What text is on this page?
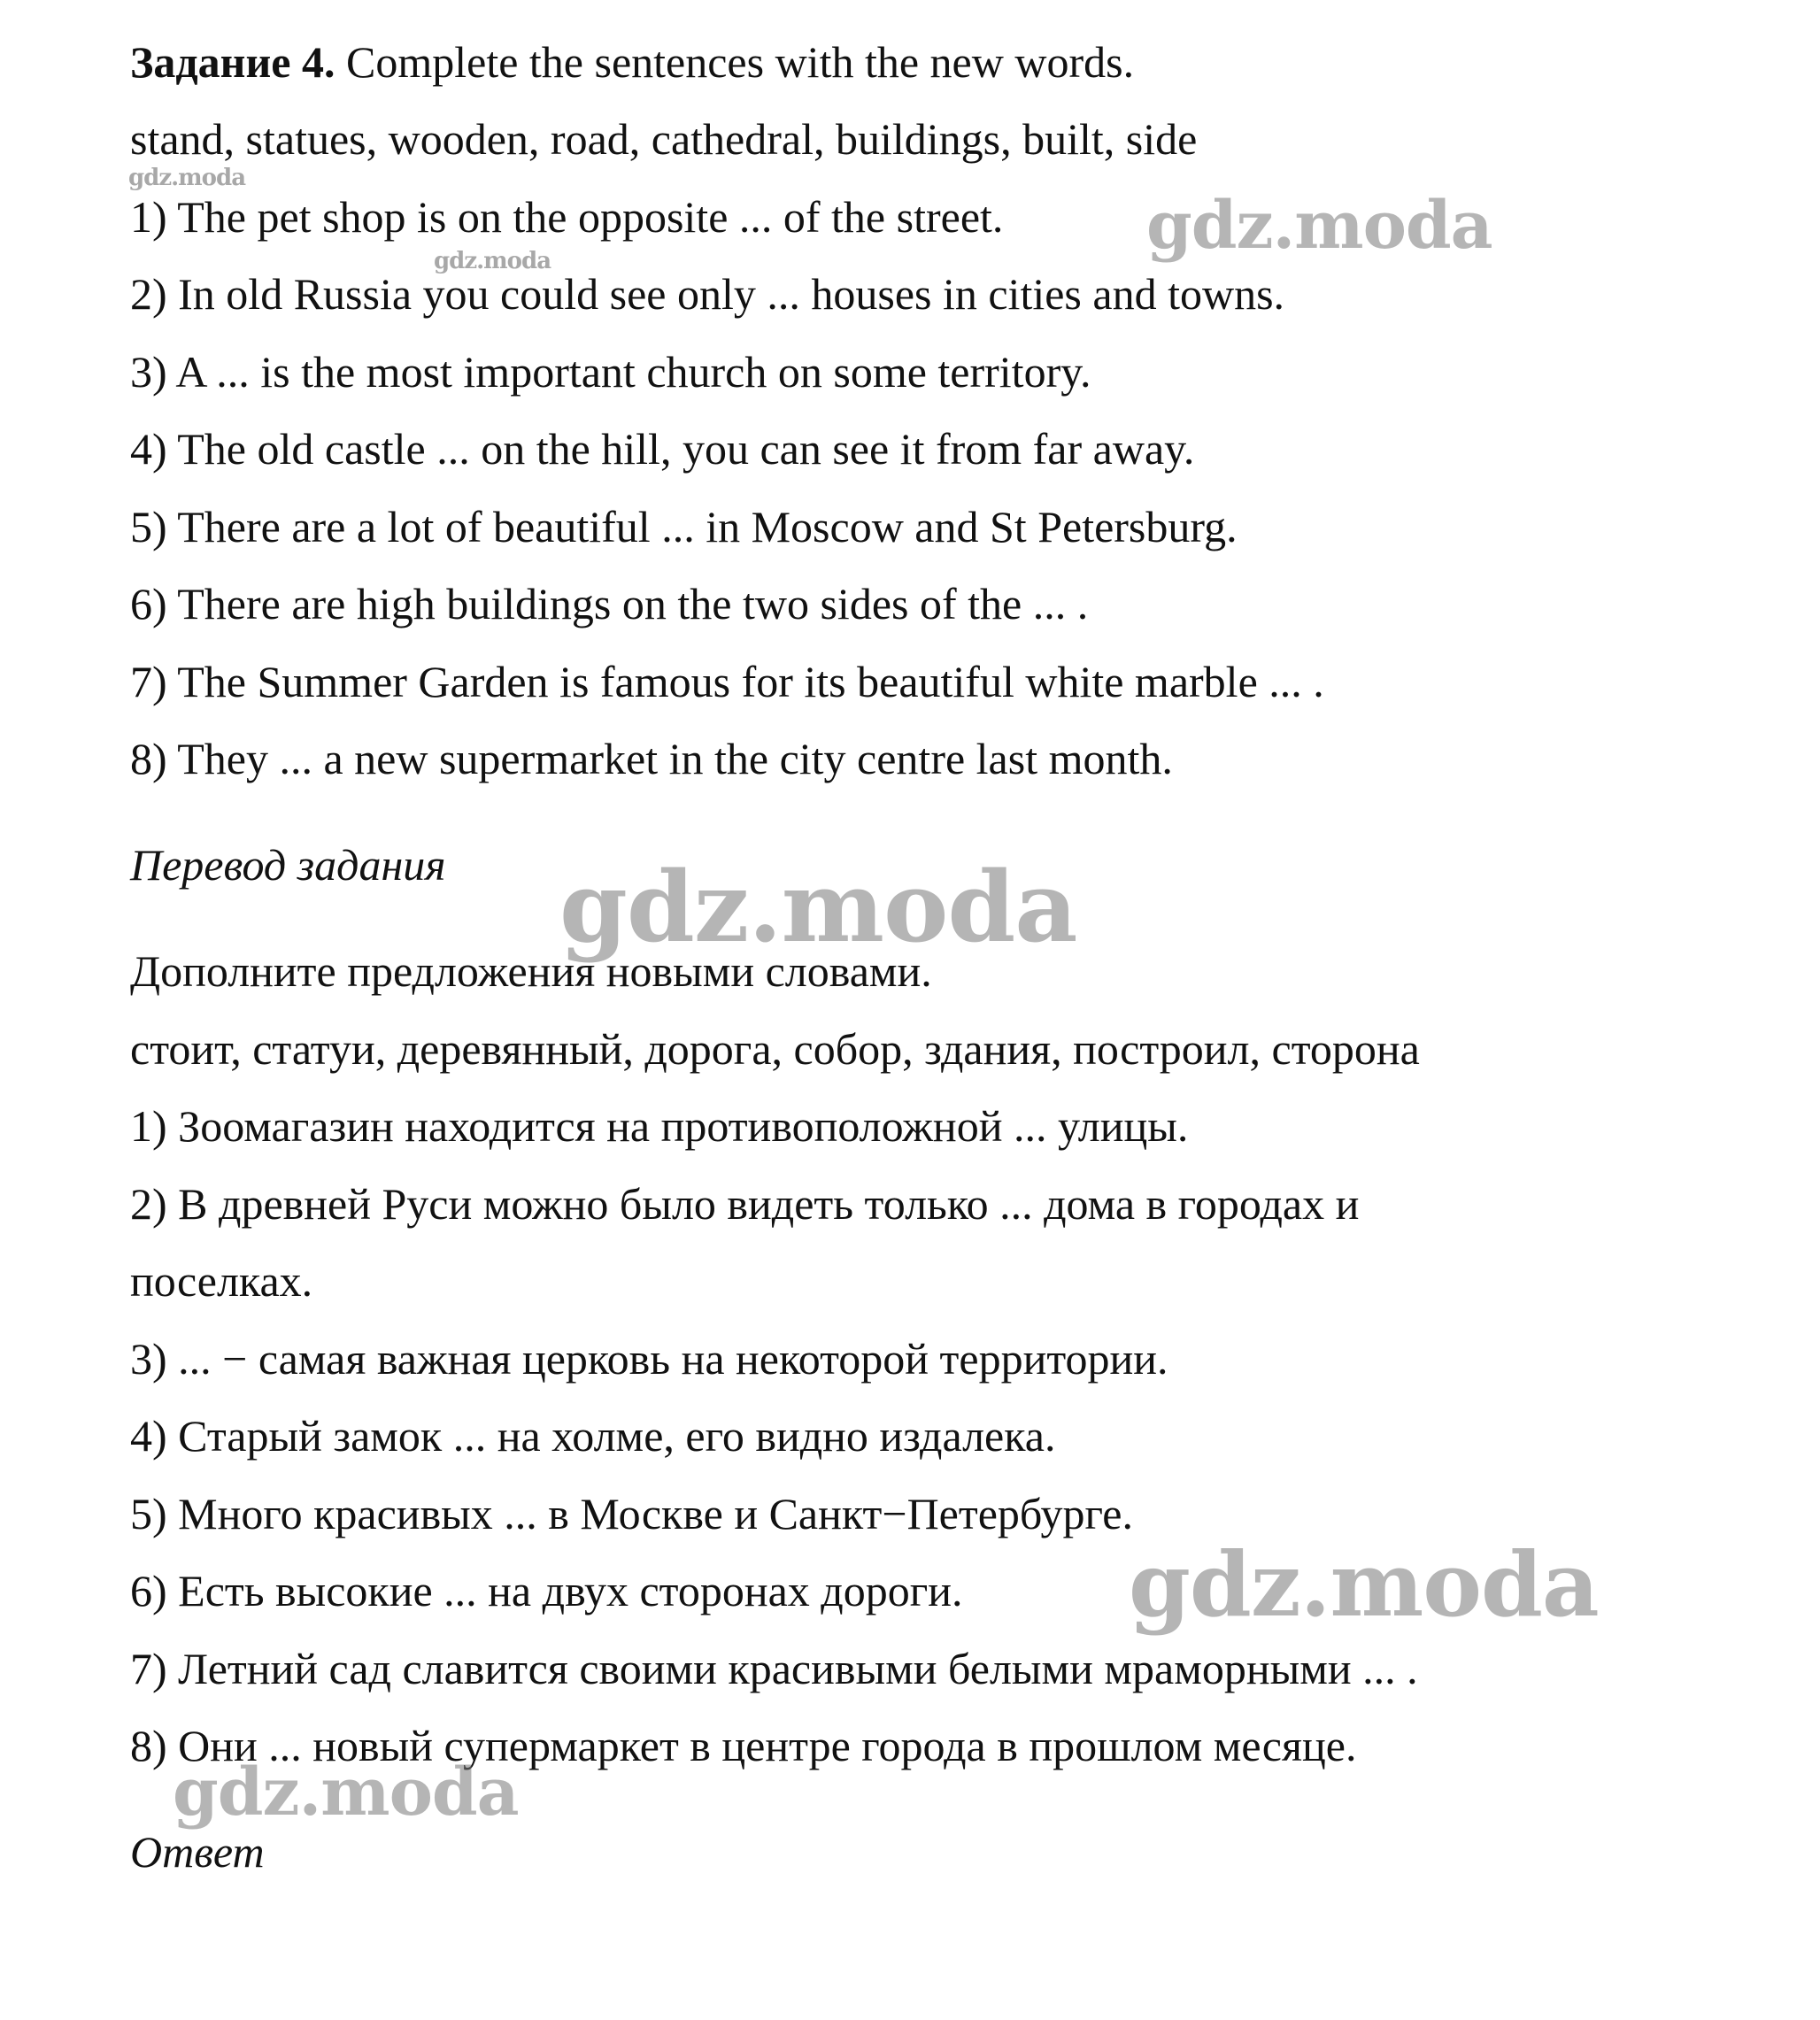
Задание 4. Complete the sentences with the new words.
stand, statues, wooden, road, cathedral, buildings, built, side
1) The pet shop is on the opposite ... of the street.
2) In old Russia you could see only ... houses in cities and towns.
3) A ... is the most important church on some territory.
4) The old castle ... on the hill, you can see it from far away.
5) There are a lot of beautiful ... in Moscow and St Petersburg.
6) There are high buildings on the two sides of the ... .
7) The Summer Garden is famous for its beautiful white marble ... .
8) They ... a new supermarket in the city centre last month.
Перевод задания
Дополните предложения новыми словами.
стоит, статуи, деревянный, дорога, собор, здания, построил, сторона
1) Зоомагазин находится на противоположной ... улицы.
2) В древней Руси можно было видеть только ... дома в городах и
поселках.
3) ... − самая важная церковь на некоторой территории.
4) Старый замок ... на холме, его видно издалека.
5) Много красивых ... в Москве и Санкт−Петербурге.
6) Есть высокие ... на двух сторонах дороги.
7) Летний сад славится своими красивыми белыми мраморными ... .
8) Они ... новый супермаркет в центре города в прошлом месяце.
Ответ
gdz.moda
gdz.moda	gdz.moda
gdz.moda
gdz.moda
gdz.moda
